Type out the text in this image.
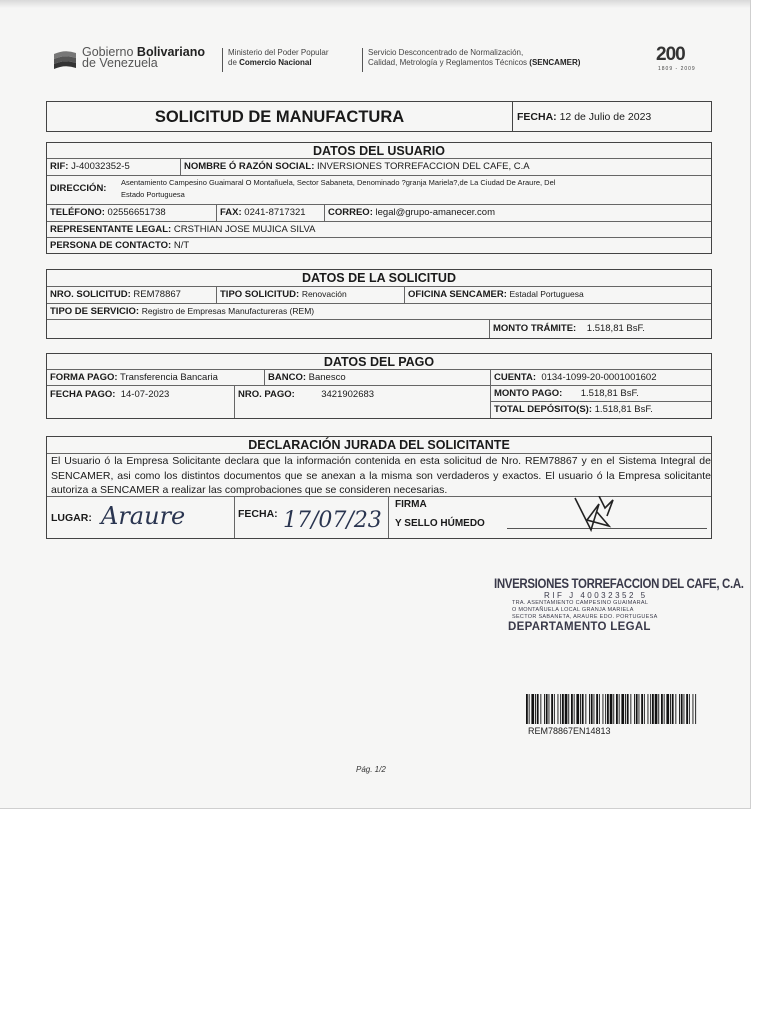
Gobierno Bolivariano
de Venezuela
Ministerio del Poder Popular
de Comercio Nacional
Servicio Desconcentrado de Normalización,
Calidad, Metrología y Reglamentos Técnicos (SENCAMER)	200
1809 - 2009
SOLICITUD DE MANUFACTURA	FECHA: 12 de Julio de 2023
DATOS DEL USUARIO
RIF: J-40032352-5	NOMBRE Ó RAZÓN SOCIAL: INVERSIONES TORREFACCION DEL CAFE, C.A
DIRECCIÓN:
Asentamiento Campesino Guaimaral O Montañuela, Sector Sabaneta, Denominado ?granja Mariela?,de La Ciudad De Araure, Del
Estado Portuguesa
TELÉFONO: 02556651738	FAX: 0241-8717321	CORREO: legal@grupo-amanecer.com
REPRESENTANTE LEGAL: CRSTHIAN JOSE MUJICA SILVA
PERSONA DE CONTACTO: N/T
DATOS DE LA SOLICITUD
NRO. SOLICITUD: REM78867	TIPO SOLICITUD: Renovación	OFICINA SENCAMER: Estadal Portuguesa
TIPO DE SERVICIO: Registro de Empresas Manufactureras (REM)
MONTO TRÁMITE: 1.518,81 BsF.
DATOS DEL PAGO
FORMA PAGO: Transferencia Bancaria	BANCO: Banesco	CUENTA: 0134-1099-20-0001001602
FECHA PAGO: 14-07-2023	NRO. PAGO:	3421902683	MONTO PAGO: 1.518,81 BsF.
TOTAL DEPÓSITO(S): 1.518,81 BsF.
DECLARACIÓN JURADA DEL SOLICITANTE
El Usuario ó la Empresa Solicitante declara que la información contenida en esta solicitud de Nro. REM78867 y en el Sistema Integral de SENCAMER, asi como los distintos documentos que se anexan a la misma son verdaderos y exactos. El usuario ó la Empresa solicitante autoriza a SENCAMER a realizar las comprobaciones que se consideren necesarias.
LUGAR: Araure	FECHA: 17/07/23
FIRMA
Y SELLO HÚMEDO
INVERSIONES TORREFACCION DEL CAFE, C.A.
RIF J 40032352 5
TRA. ASENTAMIENTO CAMPESINO GUAIMARAL
O MONTAÑUELA LOCAL GRANJA MARIELA
SECTOR SABANETA, ARAURE EDO. PORTUGUESA
DEPARTAMENTO LEGAL
REM78867EN14813
Pág. 1/2
